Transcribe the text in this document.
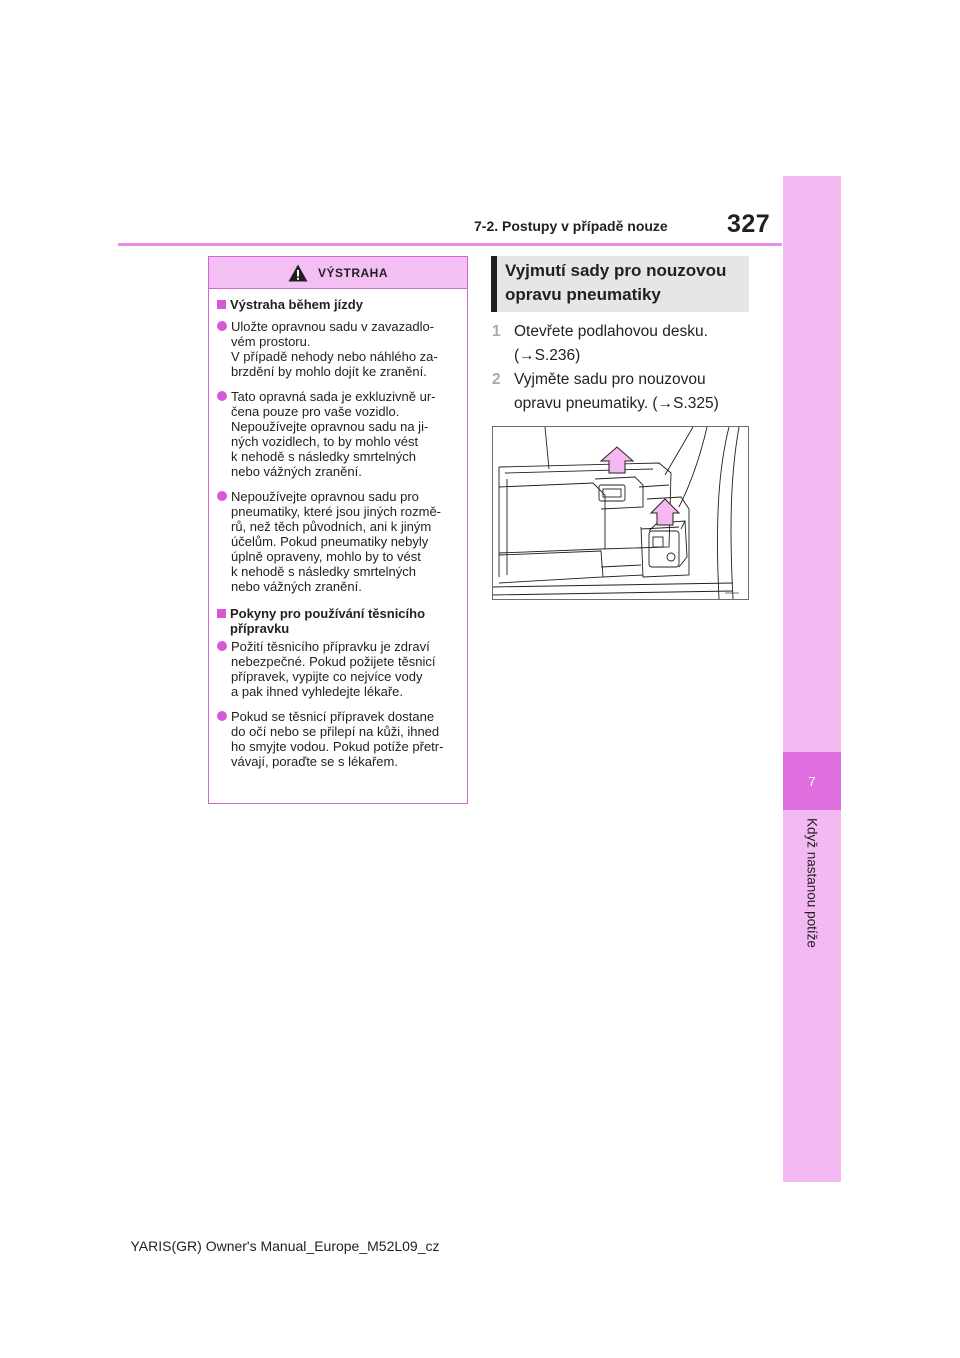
7-2. Postupy v případě nouze 327
7
Když nastanou potíže
VÝSTRAHA
Výstraha během jízdy
Uložte opravnou sadu v zavazadlo-
vém prostoru.
V případě nehody nebo náhlého za-
brzdění by mohlo dojít ke zranění.
Tato opravná sada je exkluzivně ur-
čena pouze pro vaše vozidlo.
Nepoužívejte opravnou sadu na ji-
ných vozidlech, to by mohlo vést
k nehodě s následky smrtelných
nebo vážných zranění.
Nepoužívejte opravnou sadu pro
pneumatiky, které jsou jiných rozmě-
rů, než těch původních, ani k jiným
účelům. Pokud pneumatiky nebyly
úplně opraveny, mohlo by to vést
k nehodě s následky smrtelných
nebo vážných zranění.
Pokyny pro používání těsnicího
přípravku
Požití těsnicího přípravku je zdraví
nebezpečné. Pokud požijete těsnicí
přípravek, vypijte co nejvíce vody
a pak ihned vyhledejte lékaře.
Pokud se těsnicí přípravek dostane
do očí nebo se přilepí na kůži, ihned
ho smyjte vodou. Pokud potíže přetr-
vávají, poraďte se s lékařem.
Vyjmutí sady pro nouzovou
opravu pneumatiky
1 Otevřete podlahovou desku.
(→S.236)
2 Vyjměte sadu pro nouzovou
opravu pneumatiky. (→S.325)
YARIS(GR) Owner's Manual_Europe_M52L09_cz
